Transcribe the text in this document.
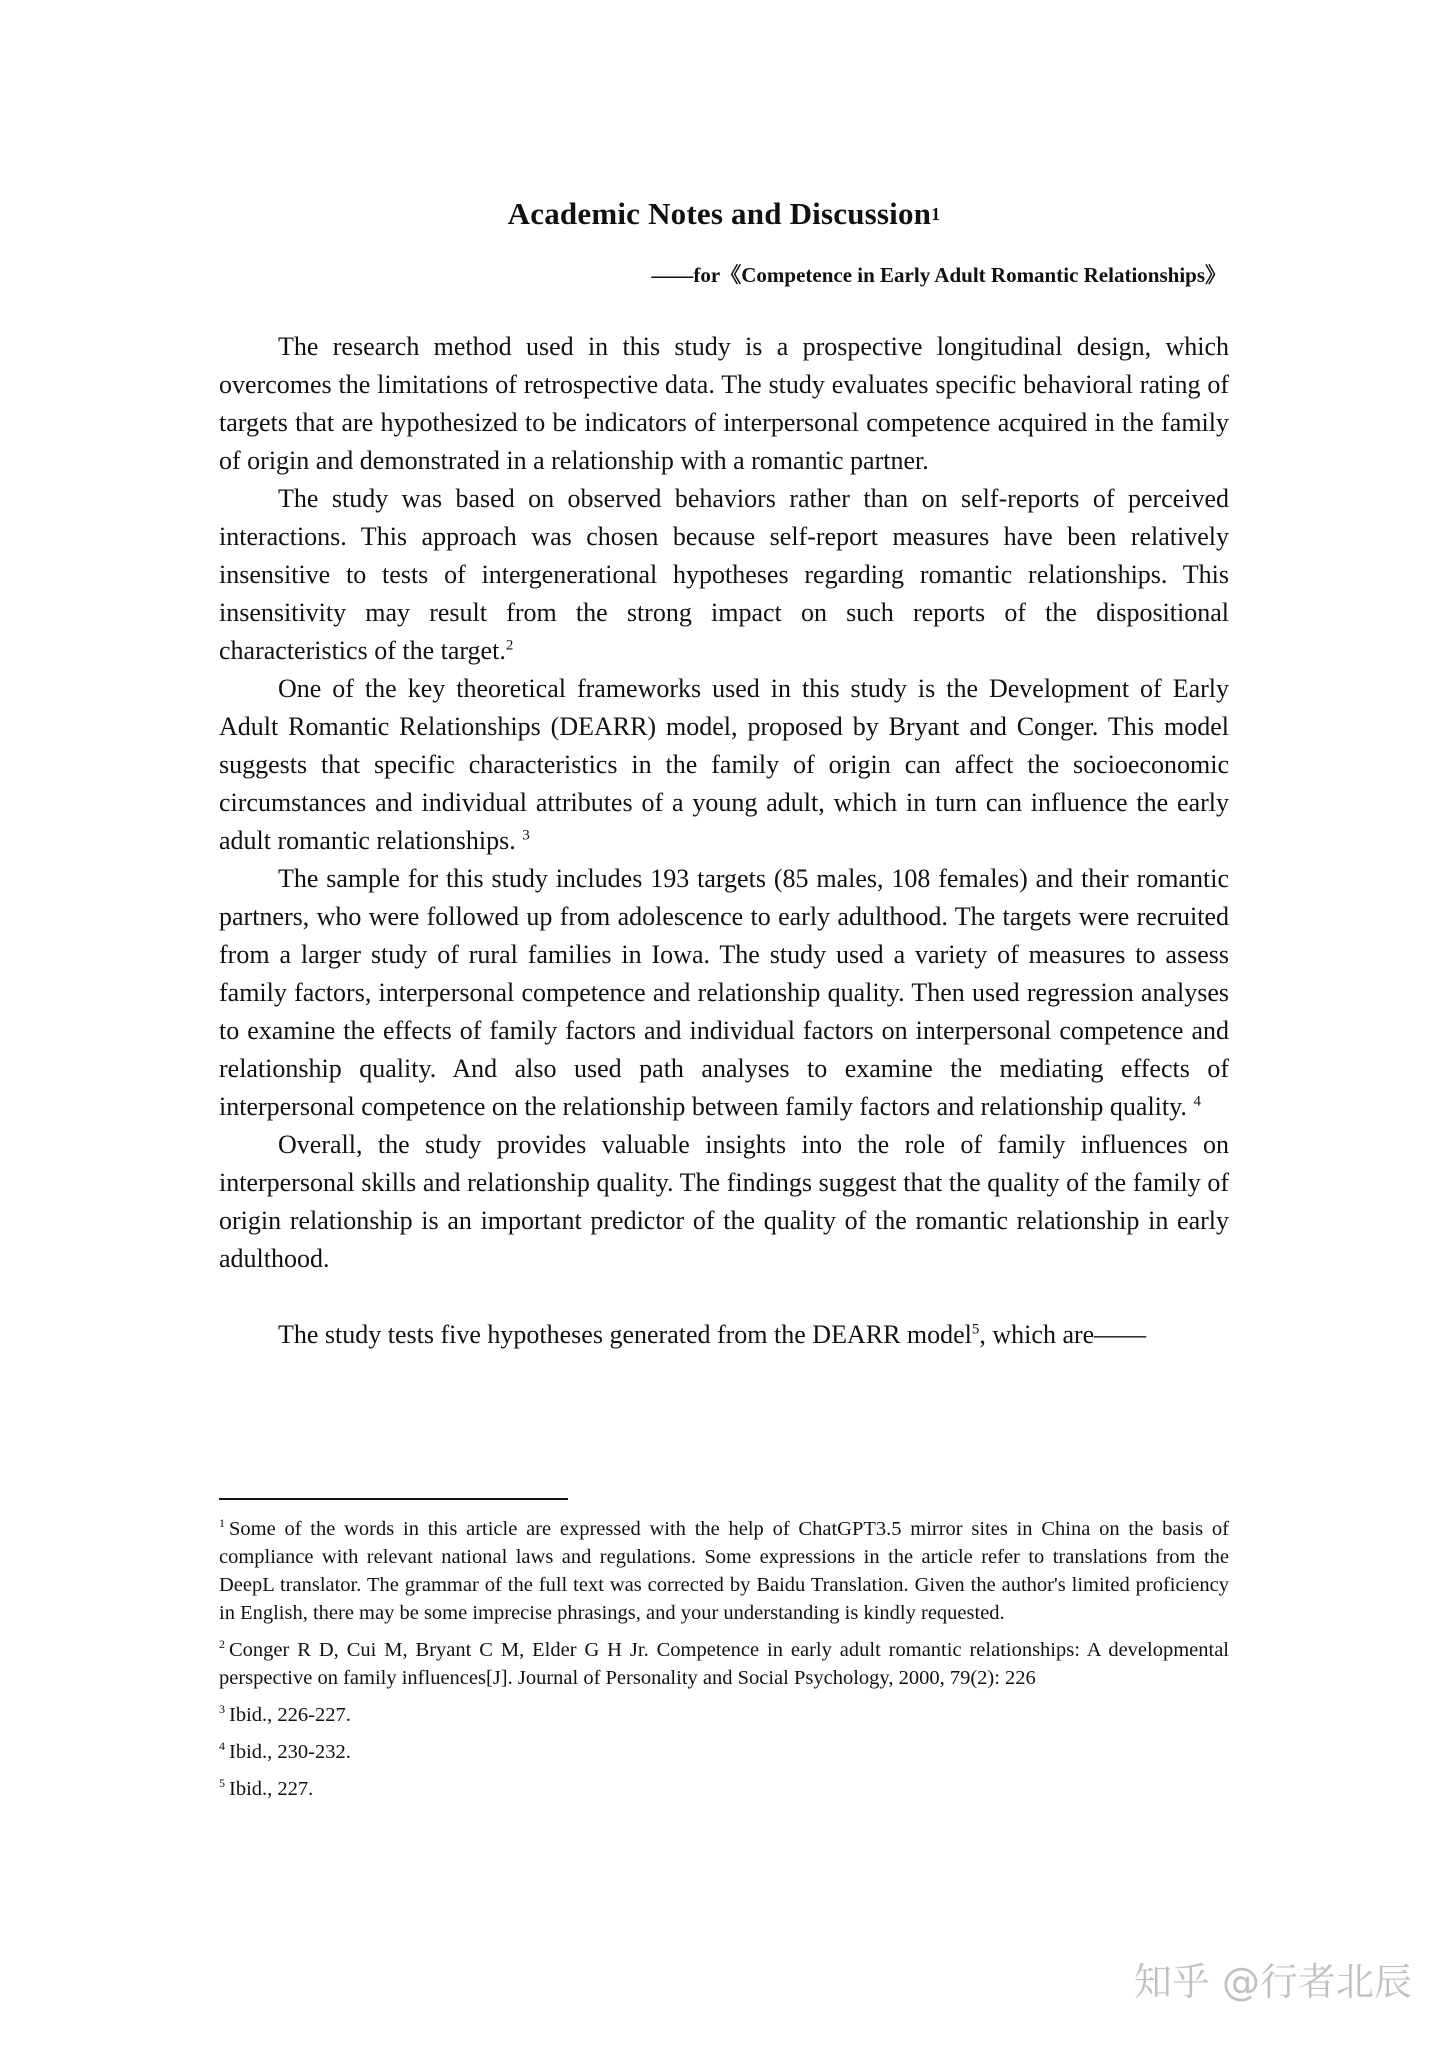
Academic Notes and Discussion$^1$
——for《Competence in Early Adult Romantic Relationships》

The research method used in this study is a prospective longitudinal design, which overcomes the limitations of retrospective data. The study evaluates specific behavioral rating of targets that are hypothesized to be indicators of interpersonal competence acquired in the family of origin and demonstrated in a relationship with a romantic partner.

The study was based on observed behaviors rather than on self-reports of perceived interactions. This approach was chosen because self-report measures have been relatively insensitive to tests of intergenerational hypotheses regarding romantic relationships. This insensitivity may result from the strong impact on such reports of the dispositional characteristics of the target.$^2$

One of the key theoretical frameworks used in this study is the Development of Early Adult Romantic Relationships (DEARR) model, proposed by Bryant and Conger. This model suggests that specific characteristics in the family of origin can affect the socioeconomic circumstances and individual attributes of a young adult, which in turn can influence the early adult romantic relationships. $^3$

The sample for this study includes 193 targets (85 males, 108 females) and their romantic partners, who were followed up from adolescence to early adulthood. The targets were recruited from a larger study of rural families in Iowa. The study used a variety of measures to assess family factors, interpersonal competence and relationship quality. Then used regression analyses to examine the effects of family factors and individual factors on interpersonal competence and relationship quality. And also used path analyses to examine the mediating effects of interpersonal competence on the relationship between family factors and relationship quality. $^4$

Overall, the study provides valuable insights into the role of family influences on interpersonal skills and relationship quality. The findings suggest that the quality of the family of origin relationship is an important predictor of the quality of the romantic relationship in early adulthood.

The study tests five hypotheses generated from the DEARR model$^5$, which are——

$^1$ Some of the words in this article are expressed with the help of ChatGPT3.5 mirror sites in China on the basis of compliance with relevant national laws and regulations. Some expressions in the article refer to translations from the DeepL translator. The grammar of the full text was corrected by Baidu Translation. Given the author's limited proficiency in English, there may be some imprecise phrasings, and your understanding is kindly requested.

$^2$ Conger R D, Cui M, Bryant C M, Elder G H Jr. Competence in early adult romantic relationships: A developmental perspective on family influences[J]. Journal of Personality and Social Psychology, 2000, 79(2): 226

$^3$ Ibid., 226-227.

$^4$ Ibid., 230-232.

$^5$ Ibid., 227.

知乎 @行者北辰
